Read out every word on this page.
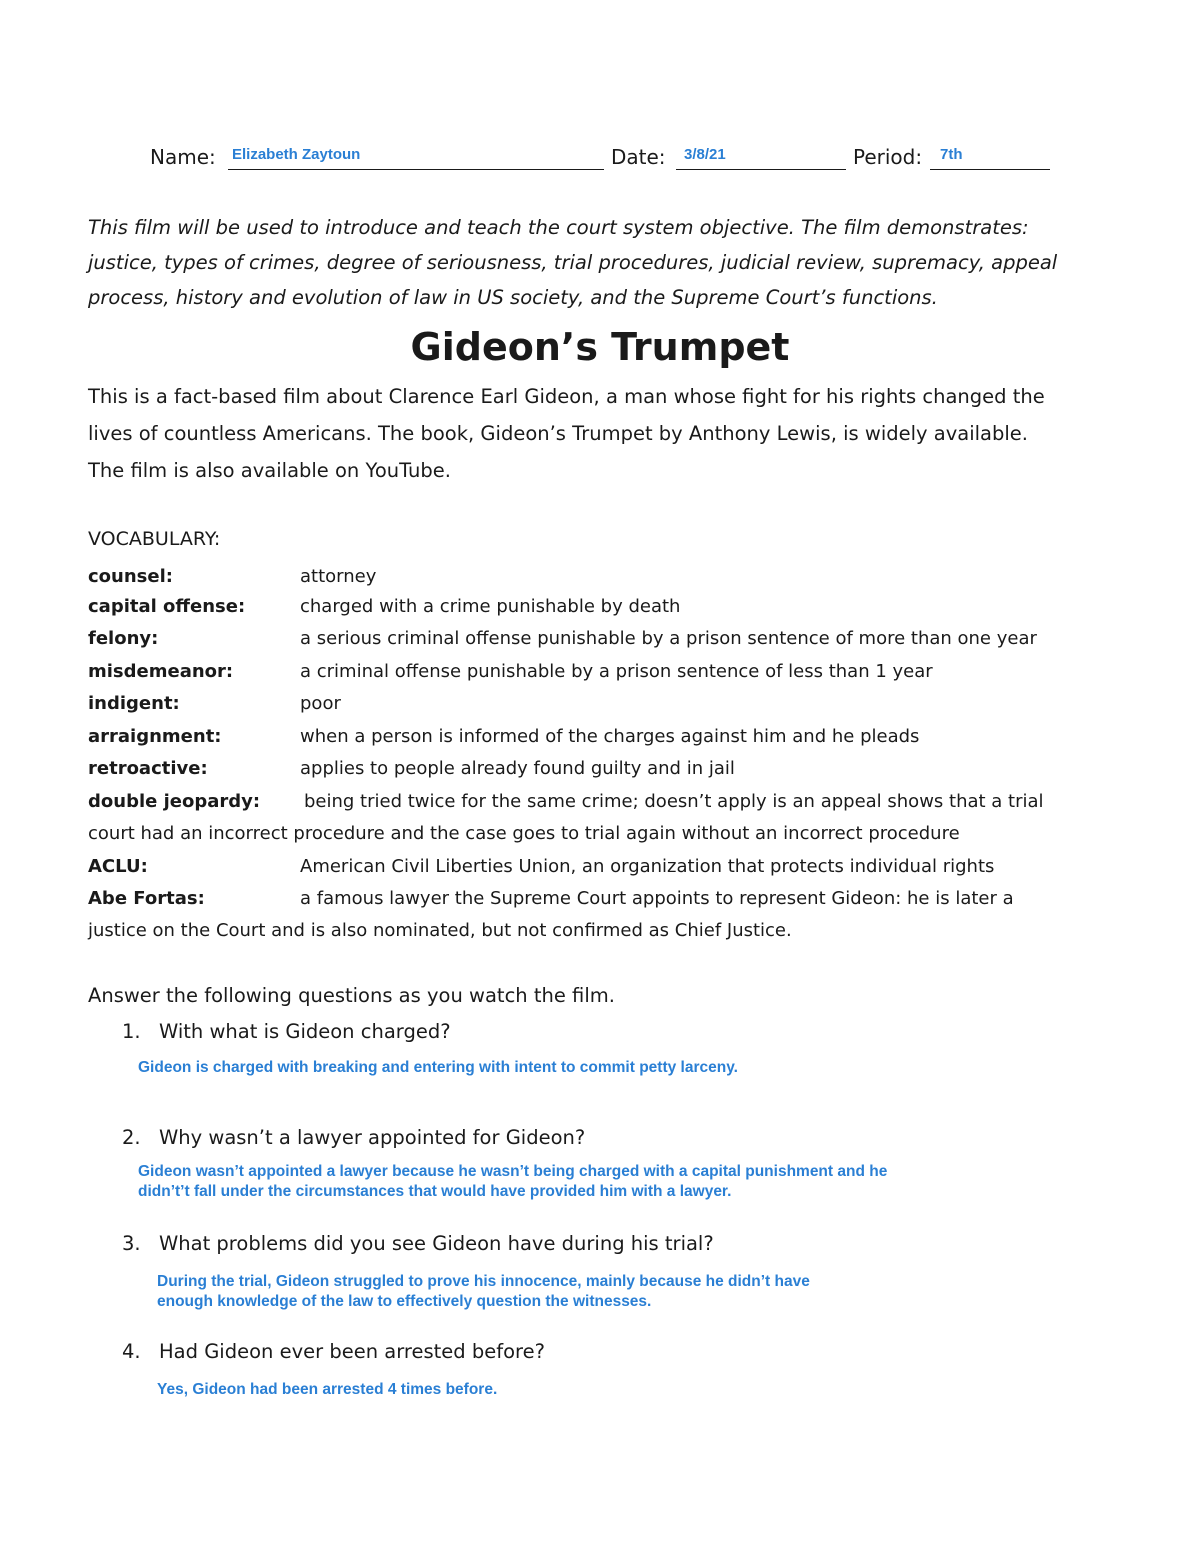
Name: Elizabeth Zaytoun	Date: 3/8/21	Period: 7th
This film will be used to introduce and teach the court system objective. The film demonstrates:
justice, types of crimes, degree of seriousness, trial procedures, judicial review, supremacy, appeal
process, history and evolution of law in US society, and the Supreme Court’s functions.
Gideon’s Trumpet
This is a fact-based film about Clarence Earl Gideon, a man whose fight for his rights changed the
lives of countless Americans. The book, Gideon’s Trumpet by Anthony Lewis, is widely available.
The film is also available on YouTube.
VOCABULARY:
counsel:	attorney
capital offense:	charged with a crime punishable by death
felony:	a serious criminal offense punishable by a prison sentence of more than one year
misdemeanor:	a criminal offense punishable by a prison sentence of less than 1 year
indigent:	poor
arraignment:	when a person is informed of the charges against him and he pleads
retroactive:	applies to people already found guilty and in jail
double jeopardy: being tried twice for the same crime; doesn’t apply is an appeal shows that a trial
court had an incorrect procedure and the case goes to trial again without an incorrect procedure
ACLU:	American Civil Liberties Union, an organization that protects individual rights
Abe Fortas:	a famous lawyer the Supreme Court appoints to represent Gideon: he is later a
justice on the Court and is also nominated, but not confirmed as Chief Justice.
Answer the following questions as you watch the film.
1. With what is Gideon charged?
Gideon is charged with breaking and entering with intent to commit petty larceny.
2. Why wasn’t a lawyer appointed for Gideon?
Gideon wasn’t appointed a lawyer because he wasn’t being charged with a capital punishment and he
didn’t’t fall under the circumstances that would have provided him with a lawyer.
3. What problems did you see Gideon have during his trial?
During the trial, Gideon struggled to prove his innocence, mainly because he didn’t have
enough knowledge of the law to effectively question the witnesses.
4. Had Gideon ever been arrested before?
Yes, Gideon had been arrested 4 times before.
